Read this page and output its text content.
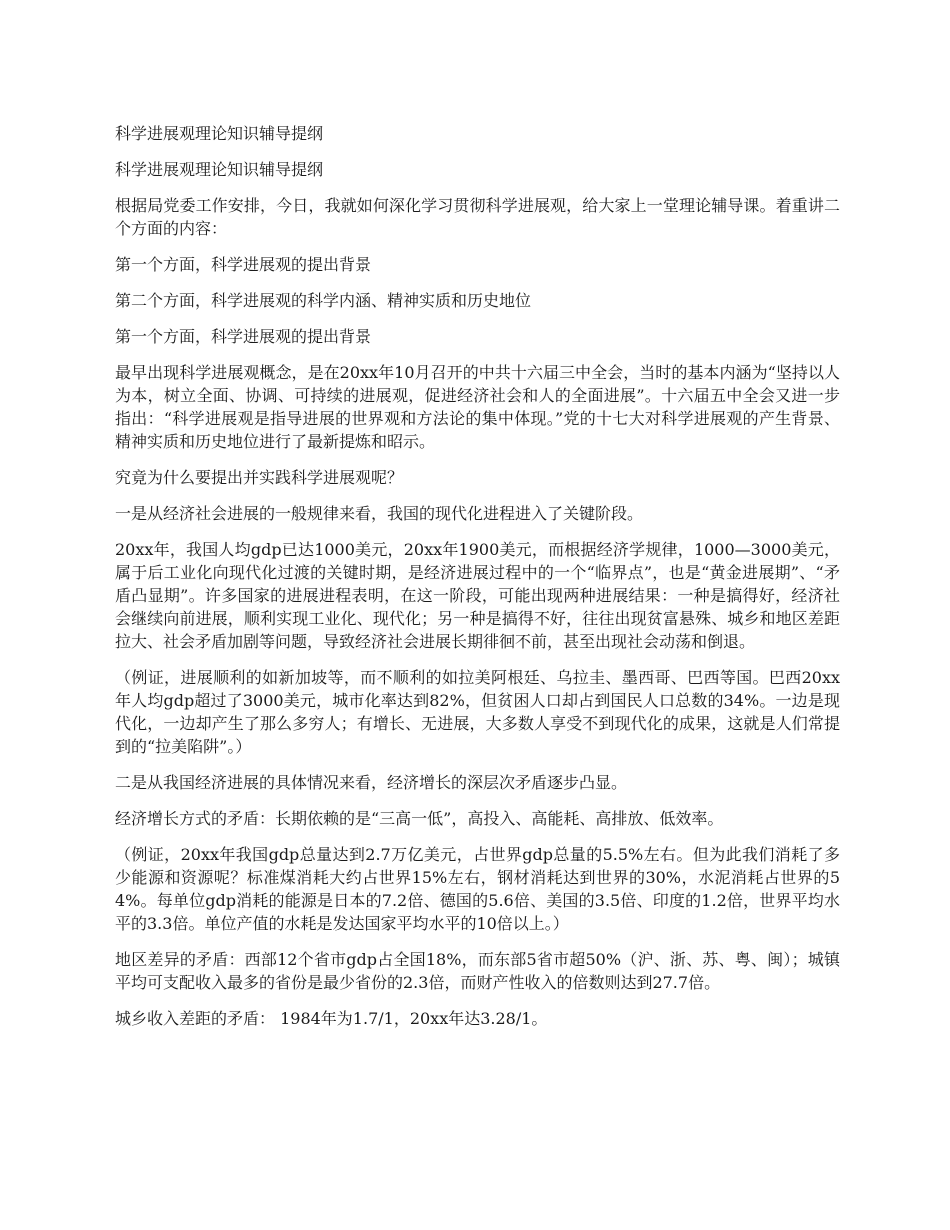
科学进展观理论知识辅导提纲

科学进展观理论知识辅导提纲

根据局党委工作安排，今日，我就如何深化学习贯彻科学进展观，给大家上一堂理论辅导课。着重讲二个方面的内容：

第一个方面，科学进展观的提出背景

第二个方面，科学进展观的科学内涵、精神实质和历史地位

第一个方面，科学进展观的提出背景

最早出现科学进展观概念，是在20xx年10月召开的中共十六届三中全会，当时的基本内涵为“坚持以人为本，树立全面、协调、可持续的进展观，促进经济社会和人的全面进展”。十六届五中全会又进一步指出：“科学进展观是指导进展的世界观和方法论的集中体现。”党的十七大对科学进展观的产生背景、精神实质和历史地位进行了最新提炼和昭示。

究竟为什么要提出并实践科学进展观呢？

一是从经济社会进展的一般规律来看，我国的现代化进程进入了关键阶段。

20xx年，我国人均gdp已达1000美元，20xx年1900美元，而根据经济学规律，1000—3000美元，属于后工业化向现代化过渡的关键时期，是经济进展过程中的一个“临界点”，也是“黄金进展期”、“矛盾凸显期”。许多国家的进展进程表明，在这一阶段，可能出现两种进展结果：一种是搞得好，经济社会继续向前进展，顺利实现工业化、现代化；另一种是搞得不好，往往出现贫富悬殊、城乡和地区差距拉大、社会矛盾加剧等问题，导致经济社会进展长期徘徊不前，甚至出现社会动荡和倒退。

（例证，进展顺利的如新加坡等，而不顺利的如拉美阿根廷、乌拉圭、墨西哥、巴西等国。巴西20xx年人均gdp超过了3000美元，城市化率达到82%，但贫困人口却占到国民人口总数的34%。一边是现代化，一边却产生了那么多穷人；有增长、无进展，大多数人享受不到现代化的成果，这就是人们常提到的“拉美陷阱”。）

二是从我国经济进展的具体情况来看，经济增长的深层次矛盾逐步凸显。

经济增长方式的矛盾：长期依赖的是“三高一低”，高投入、高能耗、高排放、低效率。

（例证，20xx年我国gdp总量达到2.7万亿美元，占世界gdp总量的5.5%左右。但为此我们消耗了多少能源和资源呢？标准煤消耗大约占世界15%左右，钢材消耗达到世界的30%，水泥消耗占世界的54%。每单位gdp消耗的能源是日本的7.2倍、德国的5.6倍、美国的3.5倍、印度的1.2倍，世界平均水平的3.3倍。单位产值的水耗是发达国家平均水平的10倍以上。）

地区差异的矛盾：西部12个省市gdp占全国18%，而东部5省市超50%（沪、浙、苏、粤、闽）；城镇平均可支配收入最多的省份是最少省份的2.3倍，而财产性收入的倍数则达到27.7倍。

城乡收入差距的矛盾： 1984年为1.7/1，20xx年达3.28/1。
